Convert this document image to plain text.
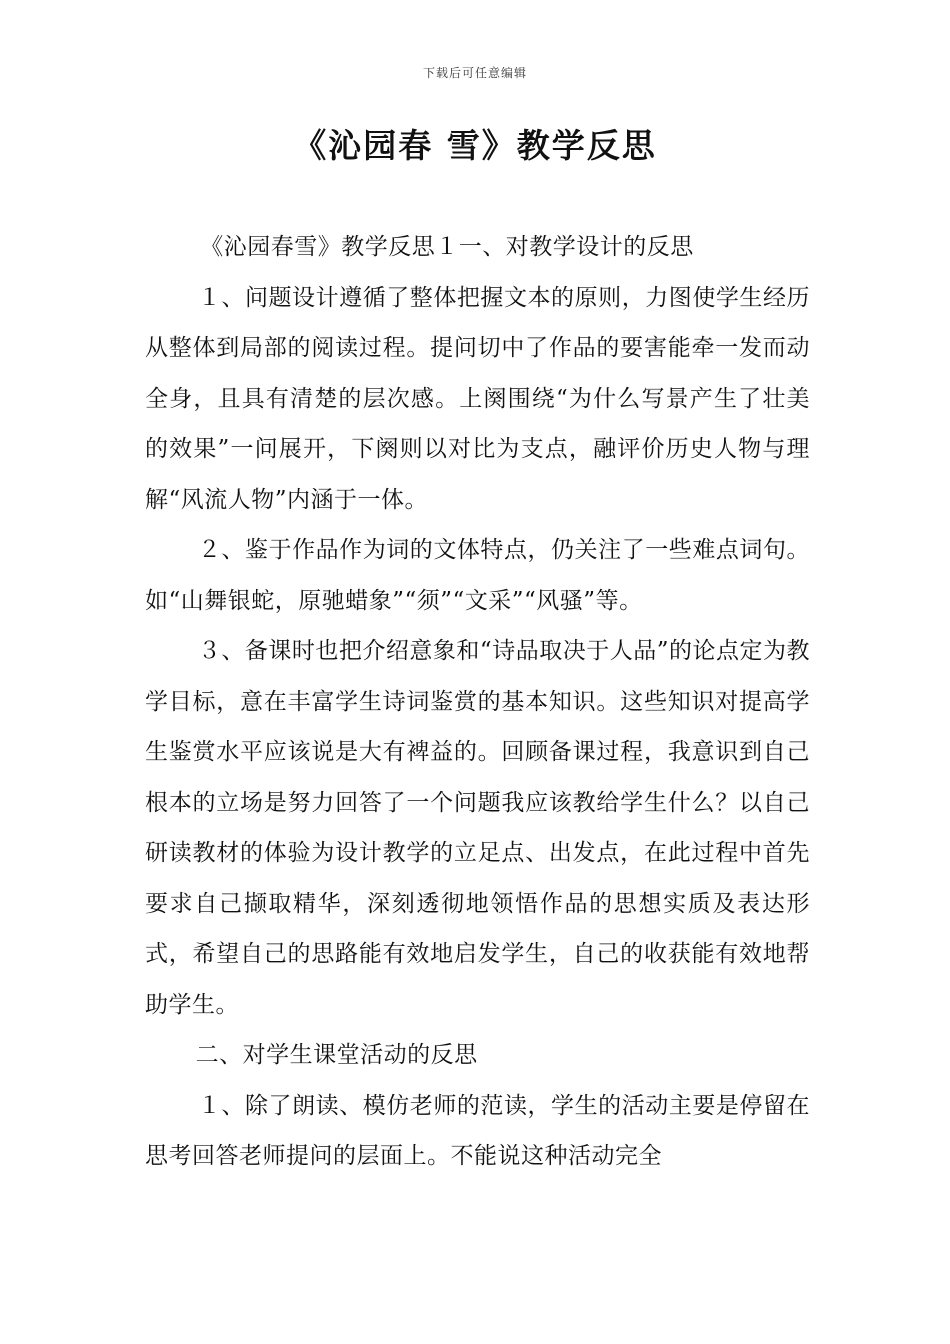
下载后可任意编辑
《沁园春 雪》教学反思

《沁园春雪》教学反思１一、对教学设计的反思

１、问题设计遵循了整体把握文本的原则，力图使学生经历从整体到局部的阅读过程。提问切中了作品的要害能牵一发而动全身，且具有清楚的层次感。上阕围绕“为什么写景产生了壮美的效果”一问展开，下阕则以对比为支点，融评价历史人物与理解“风流人物”内涵于一体。

２、鉴于作品作为词的文体特点，仍关注了一些难点词句。如“山舞银蛇，原驰蜡象”“须”“文采”“风骚”等。

３、备课时也把介绍意象和“诗品取决于人品”的论点定为教学目标，意在丰富学生诗词鉴赏的基本知识。这些知识对提高学生鉴赏水平应该说是大有裨益的。回顾备课过程，我意识到自己根本的立场是努力回答了一个问题我应该教给学生什么？以自己研读教材的体验为设计教学的立足点、出发点，在此过程中首先要求自己撷取精华，深刻透彻地领悟作品的思想实质及表达形式，希望自己的思路能有效地启发学生，自己的收获能有效地帮助学生。

二、对学生课堂活动的反思

１、除了朗读、模仿老师的范读，学生的活动主要是停留在思考回答老师提问的层面上。不能说这种活动完全
